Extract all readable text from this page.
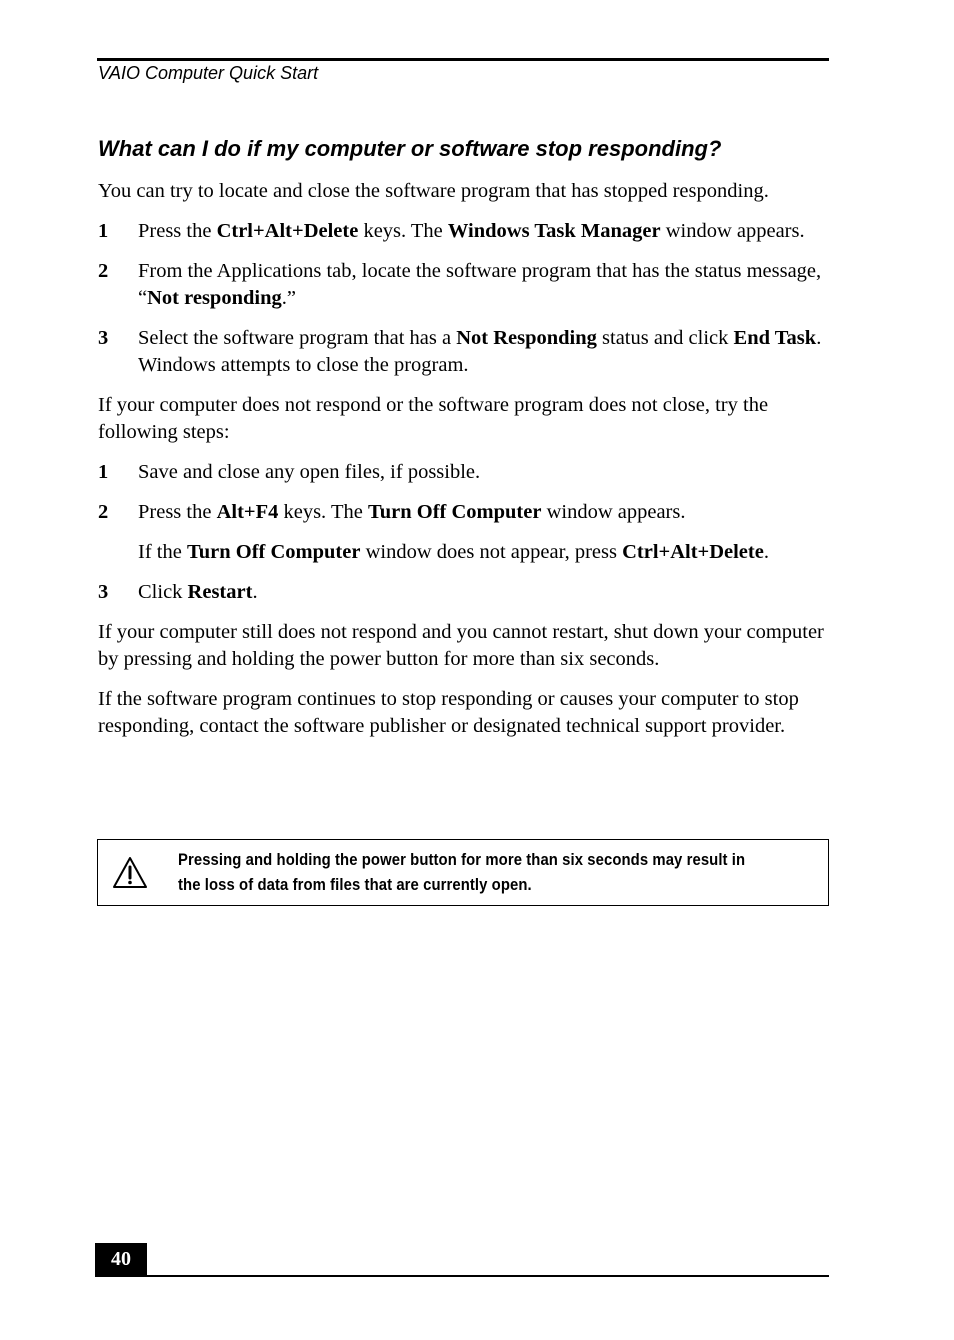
VAIO Computer Quick Start
What can I do if my computer or software stop responding?

You can try to locate and close the software program that has stopped responding.

1 Press the Ctrl+Alt+Delete keys. The Windows Task Manager window appears.
2 From the Applications tab, locate the software program that has the status message, “Not responding.”
3 Select the software program that has a Not Responding status and click End Task. Windows attempts to close the program.

If your computer does not respond or the software program does not close, try the following steps:

1 Save and close any open files, if possible.
2 Press the Alt+F4 keys. The Turn Off Computer window appears.

If the Turn Off Computer window does not appear, press Ctrl+Alt+Delete.

3 Click Restart.

If your computer still does not respond and you cannot restart, shut down your computer by pressing and holding the power button for more than six seconds.

If the software program continues to stop responding or causes your computer to stop responding, contact the software publisher or designated technical support provider.

Pressing and holding the power button for more than six seconds may result in the loss of data from files that are currently open.
40
